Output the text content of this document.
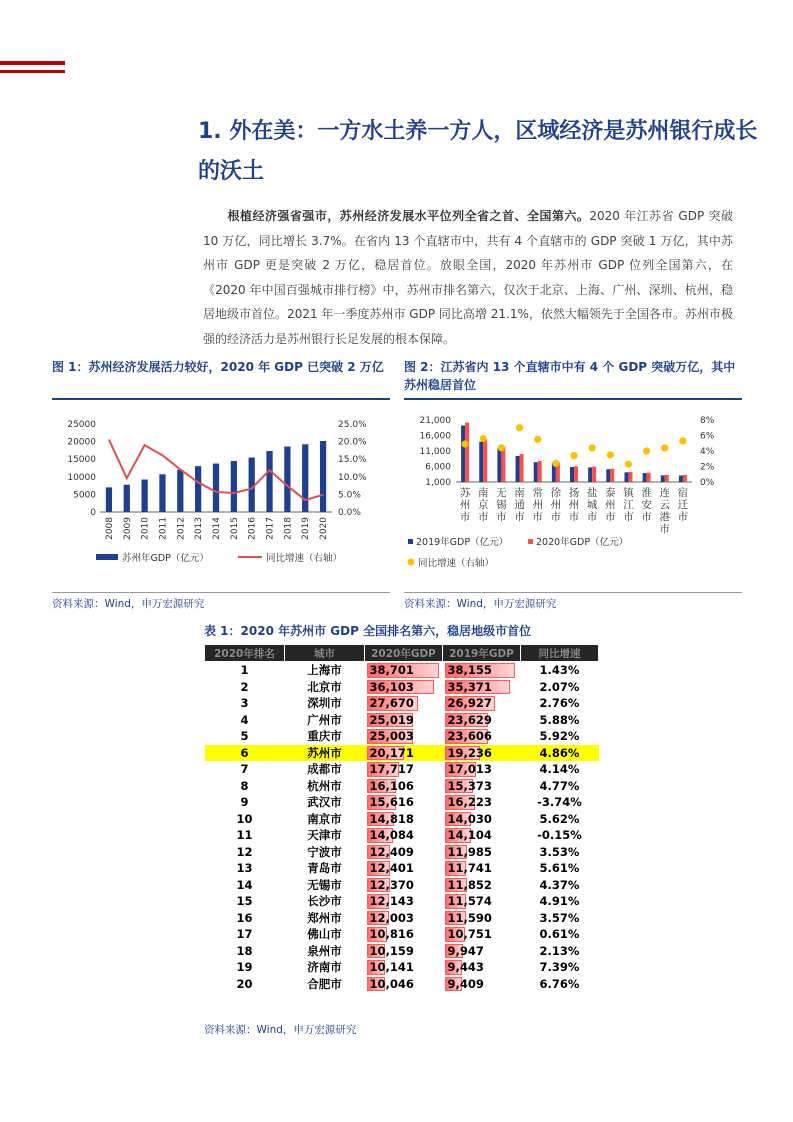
1. 外在美：一方水土养一方人，区域经济是苏州银行成长的沃土
根植经济强省强市，苏州经济发展水平位列全省之首、全国第六。2020 年江苏省 GDP 突破 10 万亿，同比增长 3.7%。在省内 13 个直辖市中，共有 4 个直辖市的 GDP 突破 1 万亿，其中苏州市 GDP 更是突破 2 万亿，稳居首位。放眼全国，2020 年苏州市 GDP 位列全国第六，在《2020 年中国百强城市排行榜》中，苏州市排名第六，仅次于北京、上海、广州、深圳、杭州，稳居地级市首位。2021 年一季度苏州市 GDP 同比高增 21.1%，依然大幅领先于全国各市。苏州市极强的经济活力是苏州银行长足发展的根本保障。
图 1：苏州经济发展活力较好，2020 年 GDP 已突破 2 万亿
0
5000
10000
15000
20000
25000
0.0%
5.0%
10.0%
15.0%
20.0%
25.0%
2008 2009 2010 2011 2012 2013 2014 2015 2016 2017 2018 2019 2020
苏州年GDP（亿元）	同比增速（右轴）
资料来源：Wind，申万宏源研究
图 2：江苏省内 13 个直辖市中有 4 个 GDP 突破万亿，其中苏州稳居首位
1,000
6,000
11,000
16,000
21,000
0%
2%
4%
6%
8%
苏州市
南京市
无锡市
南通市
常州市
徐州市
扬州市
盐城市
泰州市
镇江市
淮安市
连云港市
宿迁市
2019年GDP（亿元）	2020年GDP（亿元）
同比增速（右轴）
资料来源：Wind，申万宏源研究
表 1：2020 年苏州市 GDP 全国排名第六，稳居地级市首位
2020年排名	城市	2020年GDP	2019年GDP	同比增速
1	上海市	38,701	38,155	1.43%
2	北京市	36,103	35,371	2.07%
3	深圳市	27,670	26,927	2.76%
4	广州市	25,019	23,629	5.88%
5	重庆市	25,003	23,606	5.92%
6	苏州市	20,171	19,236	4.86%
7	成都市	17,717	17,013	4.14%
8	杭州市	16,106	15,373	4.77%
9	武汉市	15,616	16,223	-3.74%
10	南京市	14,818	14,030	5.62%
11	天津市	14,084	14,104	-0.15%
12	宁波市	12,409	11,985	3.53%
13	青岛市	12,401	11,741	5.61%
14	无锡市	12,370	11,852	4.37%
15	长沙市	12,143	11,574	4.91%
16	郑州市	12,003	11,590	3.57%
17	佛山市	10,816	10,751	0.61%
18	泉州市	10,159	9,947	2.13%
19	济南市	10,141	9,443	7.39%
20	合肥市	10,046	9,409	6.76%
资料来源：Wind，申万宏源研究
